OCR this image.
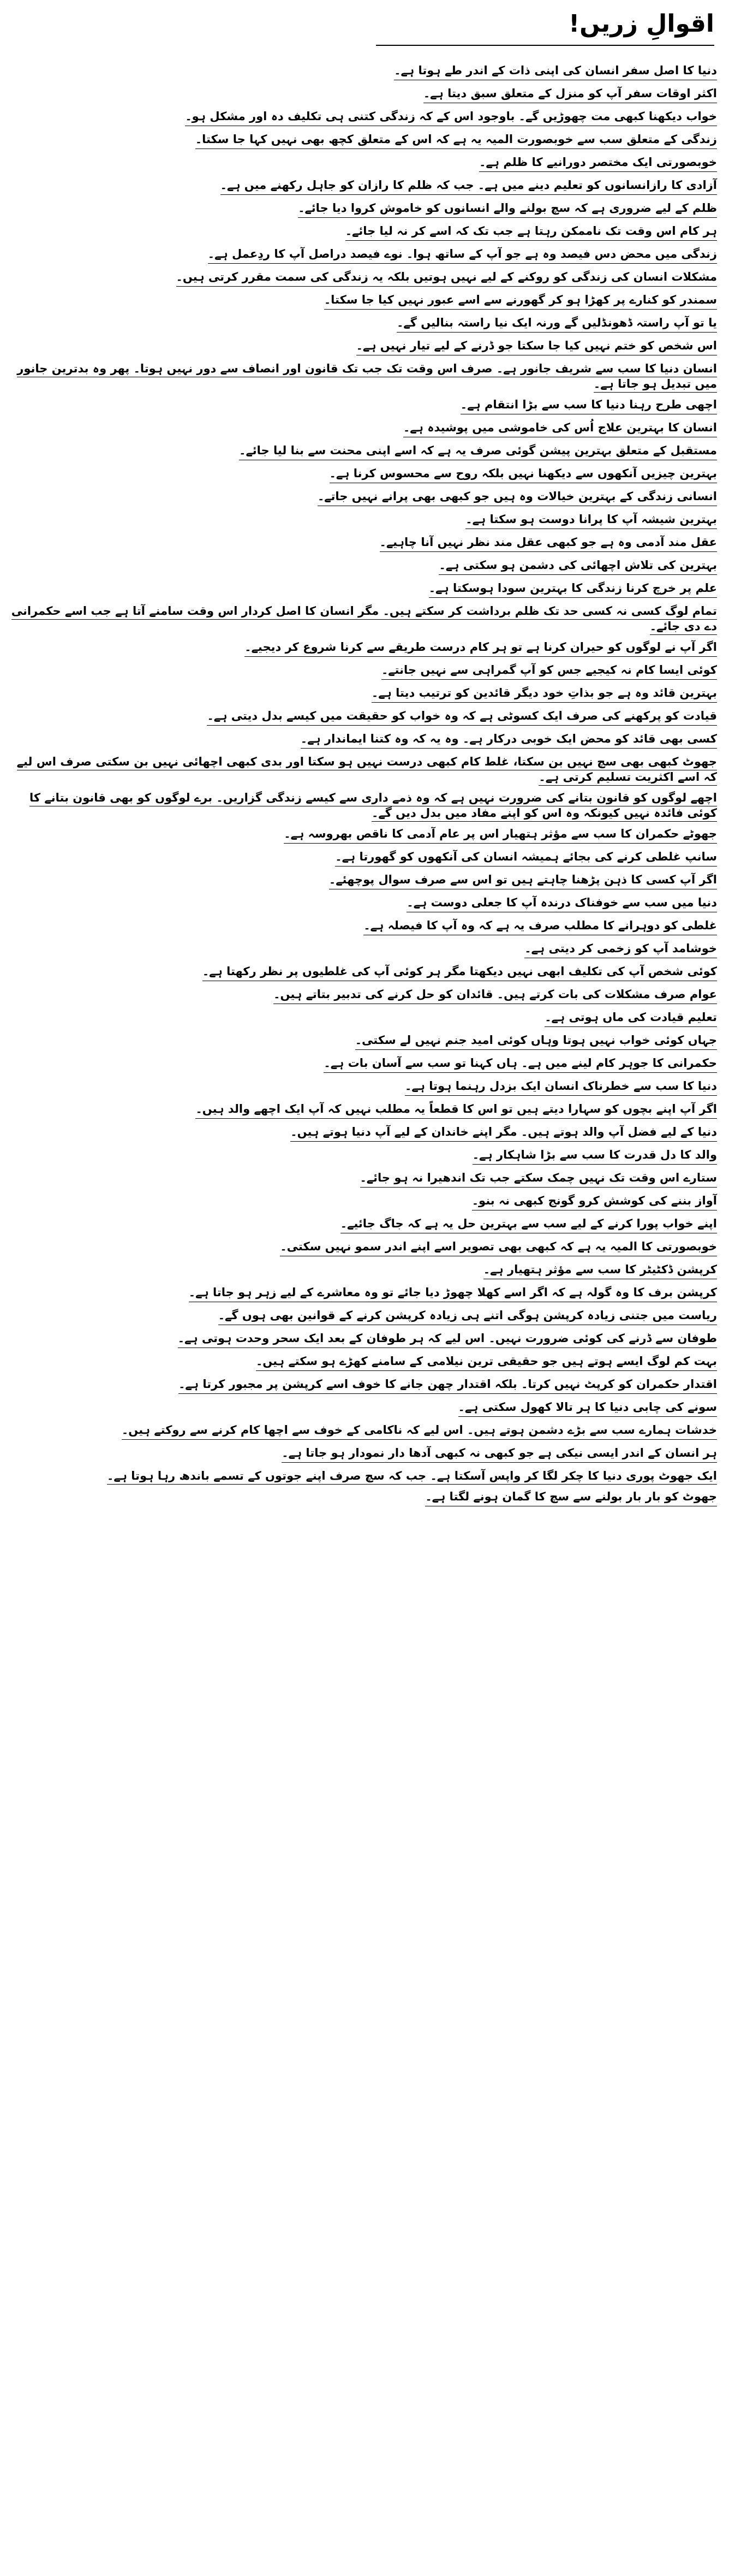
اقوالِ زریں!
دنیا کا اصل سفر انسان کی اپنی ذات کے اندر طے ہوتا ہے۔
اکثر اوقات سفر آپ کو منزل کے متعلق سبق دیتا ہے۔
خواب دیکھنا کبھی مت چھوڑیں گے۔ باوجود اس کے کہ زندگی کتنی ہی تکلیف دہ اور مشکل ہو۔
زندگی کے متعلق سب سے خوبصورت المیہ یہ ہے کہ اس کے متعلق کچھ بھی نہیں کہا جا سکتا۔
خوبصورتی ایک مختصر دورانیے کا ظلم ہے۔
آزادی کا رازانسانوں کو تعلیم دینے میں ہے۔ جب کہ ظلم کا رازان کو جاہل رکھنے میں ہے۔
ظلم کے لیے ضروری ہے کہ سچ بولنے والے انسانوں کو خاموش کروا دیا جائے۔
ہر کام اس وقت تک ناممکن رہتا ہے جب تک کہ اسے کر نہ لیا جائے۔
زندگی میں محض دس فیصد وہ ہے جو آپ کے ساتھ ہوا۔ نوے فیصد دراصل آپ کا ردِعمل ہے۔
مشکلات انسان کی زندگی کو روکنے کے لیے نہیں ہوتیں بلکہ یہ زندگی کی سمت مقرر کرتی ہیں۔
سمندر کو کنارے پر کھڑا ہو کر گھورنے سے اسے عبور نہیں کیا جا سکتا۔
یا تو آپ راستہ ڈھونڈلیں گے ورنہ ایک نیا راستہ بنالیں گے۔
اس شخص کو ختم نہیں کیا جا سکتا جو ڈرنے کے لیے تیار نہیں ہے۔
انسان دنیا کا سب سے شریف جانور ہے۔ صرف اس وقت تک جب تک قانون اور انصاف سے دور نہیں ہوتا۔ پھر وہ بدترین جانور میں تبدیل ہو جاتا ہے۔
اچھی طرح رہنا دنیا کا سب سے بڑا انتقام ہے۔
انسان کا بہترین علاج اُس کی خاموشی میں پوشیدہ ہے۔
مستقبل کے متعلق بہترین پیشن گوئی صرف یہ ہے کہ اسے اپنی محنت سے بنا لیا جائے۔
بہترین چیزیں آنکھوں سے دیکھنا نہیں بلکہ روح سے محسوس کرنا ہے۔
انسانی زندگی کے بہترین خیالات وہ ہیں جو کبھی بھی پرانے نہیں جاتے۔
بہترین شیشہ آپ کا پرانا دوست ہو سکتا ہے۔
عقل مند آدمی وہ ہے جو کبھی عقل مند نظر نہیں آنا چاہیے۔
بہترین کی تلاش اچھائی کی دشمن ہو سکتی ہے۔
علم پر خرچ کرنا زندگی کا بہترین سودا ہوسکتا ہے۔
تمام لوگ کسی نہ کسی حد تک ظلم برداشت کر سکتے ہیں۔ مگر انسان کا اصل کردار اس وقت سامنے آتا ہے جب اسے حکمرانی دے دی جائے۔
اگر آپ نے لوگوں کو حیران کرنا ہے تو ہر کام درست طریقے سے کرنا شروع کر دیجیے۔
کوئی ایسا کام نہ کیجیے جس کو آپ گمراہی سے نہیں جانتے۔
بہترین قائد وہ ہے جو بذاتِ خود دیگر قائدین کو ترتیب دیتا ہے۔
قیادت کو پرکھنے کی صرف ایک کسوٹی ہے کہ وہ خواب کو حقیقت میں کیسے بدل دیتی ہے۔
کسی بھی قائد کو محض ایک خوبی درکار ہے۔ وہ یہ کہ وہ کتنا ایماندار ہے۔
جھوٹ کبھی بھی سچ نہیں بن سکتا، غلط کام کبھی درست نہیں ہو سکتا اور بدی کبھی اچھائی نہیں بن سکتی صرف اس لیے کہ اسے اکثریت تسلیم کرتی ہے۔
اچھے لوگوں کو قانون بتانے کی ضرورت نہیں ہے کہ وہ ذمے داری سے کیسے زندگی گزاریں۔ برے لوگوں کو بھی قانون بتانے کا کوئی فائدہ نہیں کیونکہ وہ اس کو اپنے مفاد میں بدل دیں گے۔
جھوٹے حکمران کا سب سے مؤثر ہتھیار اس پر عام آدمی کا ناقص بھروسہ ہے۔
سانپ غلطی کرنے کی بجائے ہمیشہ انسان کی آنکھوں کو گھورتا ہے۔
اگر آپ کسی کا ذہن پڑھنا چاہتے ہیں تو اس سے صرف سوال پوچھئے۔
دنیا میں سب سے خوفناک درندہ آپ کا جعلی دوست ہے۔
غلطی کو دوہرانے کا مطلب صرف یہ ہے کہ وہ آپ کا فیصلہ ہے۔
خوشامد آپ کو زخمی کر دیتی ہے۔
کوئی شخص آپ کی تکلیف ابھی نہیں دیکھتا مگر ہر کوئی آپ کی غلطیوں پر نظر رکھتا ہے۔
عوام صرف مشکلات کی بات کرتے ہیں۔ قائدان کو حل کرنے کی تدبیر بتاتے ہیں۔
تعلیم قیادت کی ماں ہوتی ہے۔
جہاں کوئی خواب نہیں ہوتا وہاں کوئی امید جنم نہیں لے سکتی۔
حکمرانی کا جوہر کام لینے میں ہے۔ ہاں کہنا تو سب سے آسان بات ہے۔
دنیا کا سب سے خطرناک انسان ایک بزدل رہنما ہوتا ہے۔
اگر آپ اپنے بچوں کو سہارا دیتے ہیں تو اس کا قطعاً یہ مطلب نہیں کہ آپ ایک اچھے والد ہیں۔
دنیا کے لیے فضل آپ والد ہوتے ہیں۔ مگر اپنے خاندان کے لیے آپ دنیا ہوتے ہیں۔
والد کا دل قدرت کا سب سے بڑا شاہکار ہے۔
ستارے اس وقت تک نہیں چمک سکتے جب تک اندھیرا نہ ہو جائے۔
آواز بننے کی کوشش کرو گونج کبھی نہ بنو۔
اپنے خواب پورا کرنے کے لیے سب سے بہترین حل یہ ہے کہ جاگ جائیے۔
خوبصورتی کا المیہ یہ ہے کہ کبھی بھی تصویر اسے اپنے اندر سمو نہیں سکتی۔
کرپشن ڈکٹیٹر کا سب سے مؤثر ہتھیار ہے۔
کرپشن برف کا وہ گولہ ہے کہ اگر اسے کھلا چھوڑ دیا جائے تو وہ معاشرے کے لیے زہر ہو جاتا ہے۔
ریاست میں جتنی زیادہ کرپشن ہوگی اتنے ہی زیادہ کرپشن کرنے کے قوانین بھی ہوں گے۔
طوفان سے ڈرنے کی کوئی ضرورت نہیں۔ اس لیے کہ ہر طوفان کے بعد ایک سحر وحدت ہوتی ہے۔
بہت کم لوگ ایسے ہوتے ہیں جو حقیقی ترین نیلامی کے سامنے کھڑے ہو سکتے ہیں۔
اقتدار حکمران کو کرپٹ نہیں کرتا۔ بلکہ اقتدار چھن جانے کا خوف اسے کرپشن پر مجبور کرتا ہے۔
سونے کی چابی دنیا کا ہر تالا کھول سکتی ہے۔
خدشات ہمارے سب سے بڑے دشمن ہوتے ہیں۔ اس لیے کہ ناکامی کے خوف سے اچھا کام کرنے سے روکتے ہیں۔
ہر انسان کے اندر ایسی نیکی ہے جو کبھی نہ کبھی آدھا دار نمودار ہو جاتا ہے۔
ایک جھوٹ پوری دنیا کا چکر لگا کر واپس آسکتا ہے۔ جب کہ سچ صرف اپنے جوتوں کے تسمے باندھ رہا ہوتا ہے۔
جھوٹ کو بار بار بولنے سے سچ کا گمان ہونے لگتا ہے۔
